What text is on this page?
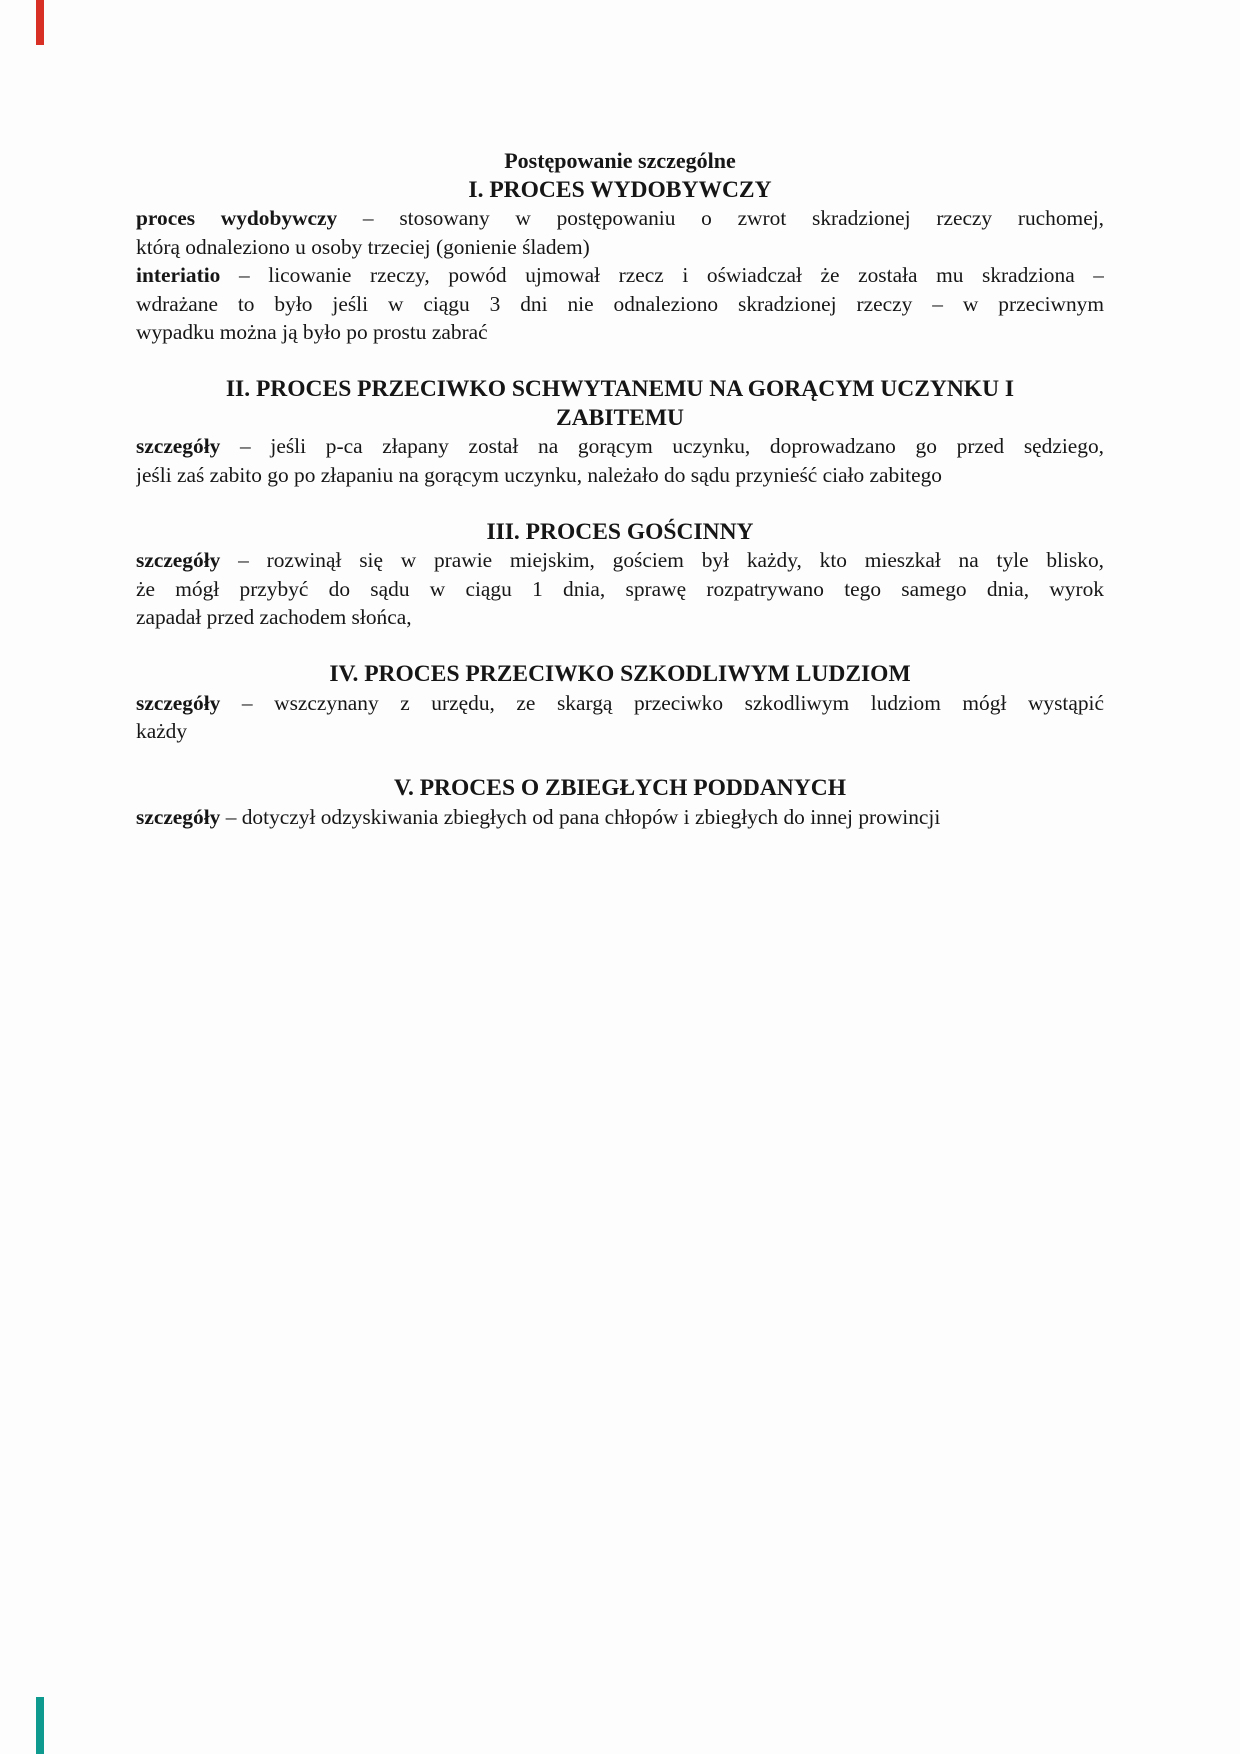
Postępowanie szczególne
I. PROCES WYDOBYWCZY
proces wydobywczy – stosowany w postępowaniu o zwrot skradzionej rzeczy ruchomej,
którą odnaleziono u osoby trzeciej (gonienie śladem)
interiatio – licowanie rzeczy, powód ujmował rzecz i oświadczał że została mu skradziona –
wdrażane to było jeśli w ciągu 3 dni nie odnaleziono skradzionej rzeczy – w przeciwnym
wypadku można ją było po prostu zabrać
II. PROCES PRZECIWKO SCHWYTANEMU NA GORĄCYM UCZYNKU I
ZABITEMU
szczegóły – jeśli p-ca złapany został na gorącym uczynku, doprowadzano go przed sędziego,
jeśli zaś zabito go po złapaniu na gorącym uczynku, należało do sądu przynieść ciało zabitego
III. PROCES GOŚCINNY
szczegóły – rozwinął się w prawie miejskim, gościem był każdy, kto mieszkał na tyle blisko,
że mógł przybyć do sądu w ciągu 1 dnia, sprawę rozpatrywano tego samego dnia, wyrok
zapadał przed zachodem słońca,
IV. PROCES PRZECIWKO SZKODLIWYM LUDZIOM
szczegóły – wszczynany z urzędu, ze skargą przeciwko szkodliwym ludziom mógł wystąpić
każdy
V. PROCES O ZBIEGŁYCH PODDANYCH
szczegóły – dotyczył odzyskiwania zbiegłych od pana chłopów i zbiegłych do innej prowincji
